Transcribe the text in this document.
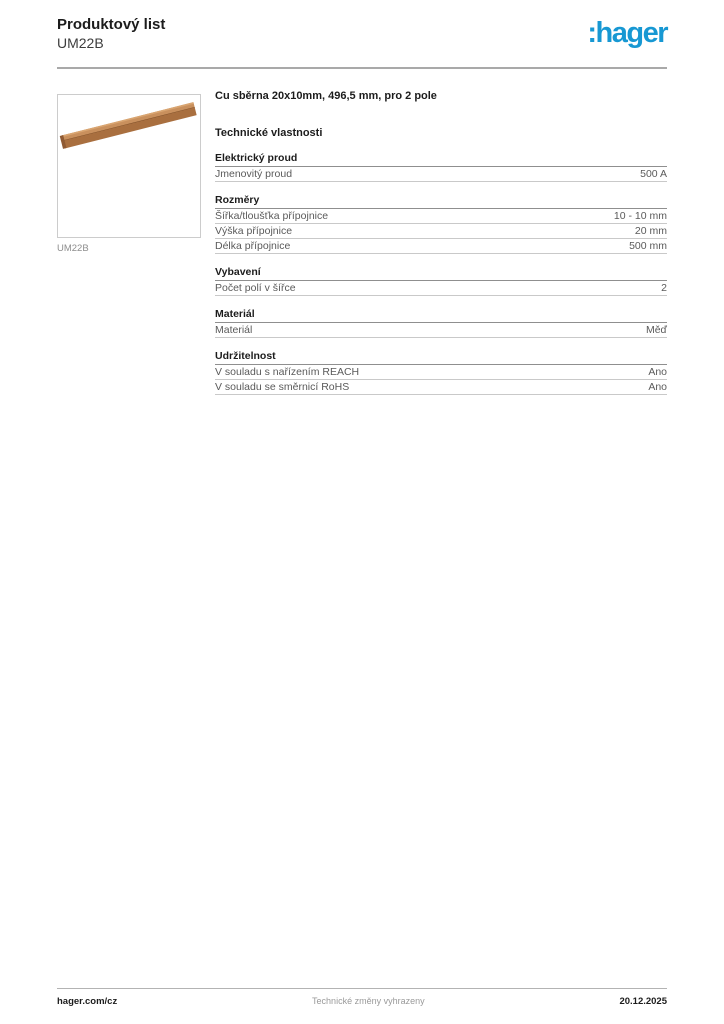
Produktový list
UM22B	:hager
UM22B
Cu sběrna 20x10mm, 496,5 mm, pro 2 pole
Technické vlastnosti
Elektrický proud
Jmenovitý proud	500 A
Rozměry
Šířka/tloušťka přípojnice	10 - 10 mm
Výška přípojnice	20 mm
Délka přípojnice	500 mm
Vybavení
Počet polí v šířce	2
Materiál
Materiál	Měď
Udržitelnost
V souladu s nařízením REACH	Ano
V souladu se směrnicí RoHS	Ano
hager.com/cz	Technické změny vyhrazeny	20.12.2025
